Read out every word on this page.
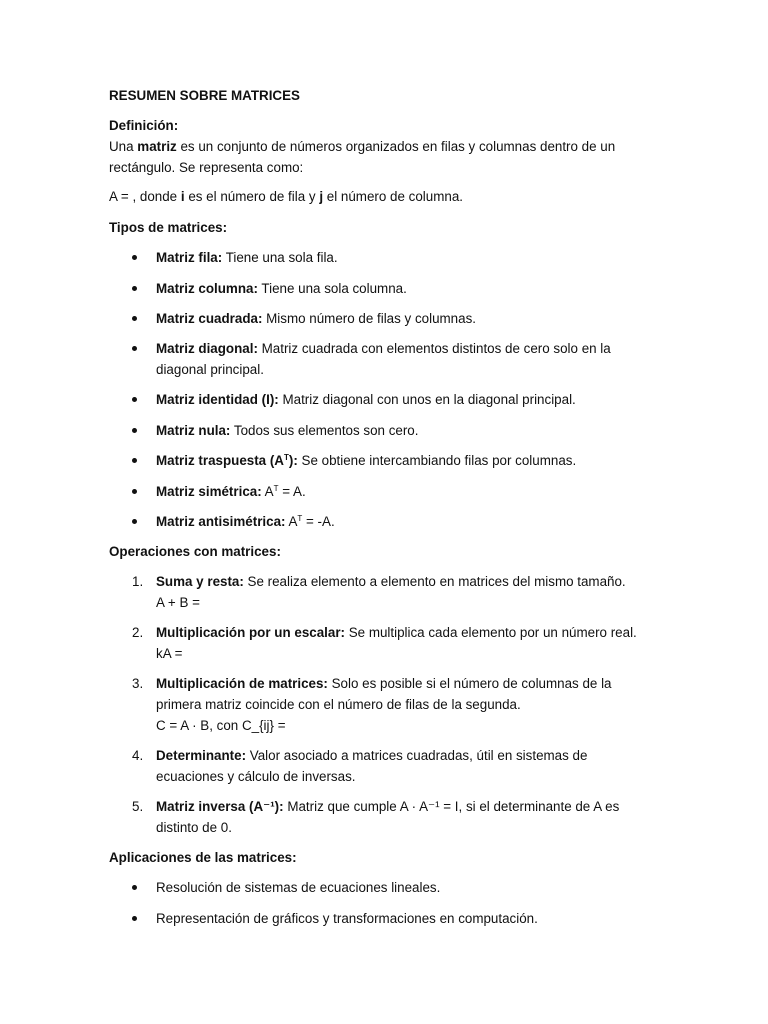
RESUMEN SOBRE MATRICES

Definición:
Una matriz es un conjunto de números organizados en filas y columnas dentro de un
rectángulo. Se representa como:

A = , donde i es el número de fila y j el número de columna.

Tipos de matrices:

Matriz fila: Tiene una sola fila.

Matriz columna: Tiene una sola columna.

Matriz cuadrada: Mismo número de filas y columnas.

Matriz diagonal: Matriz cuadrada con elementos distintos de cero solo en la
diagonal principal.

Matriz identidad (I): Matriz diagonal con unos en la diagonal principal.

Matriz nula: Todos sus elementos son cero.

Matriz traspuesta $(A^T)$: Se obtiene intercambiando filas por columnas.

Matriz simétrica: $A^T = A$.

Matriz antisimétrica: $A^T = -A$.

Operaciones con matrices:

1. Suma y resta: Se realiza elemento a elemento en matrices del mismo tamaño.
A + B =

2. Multiplicación por un escalar: Se multiplica cada elemento por un número real.
kA =

3. Multiplicación de matrices: Solo es posible si el número de columnas de la
primera matriz coincide con el número de filas de la segunda.
C = A · B, con C_{ij} =

4. Determinante: Valor asociado a matrices cuadradas, útil en sistemas de
ecuaciones y cálculo de inversas.

5. Matriz inversa (A⁻¹): Matriz que cumple A · A⁻¹ = I, si el determinante de A es
distinto de 0.

Aplicaciones de las matrices:

Resolución de sistemas de ecuaciones lineales.

Representación de gráficos y transformaciones en computación.
